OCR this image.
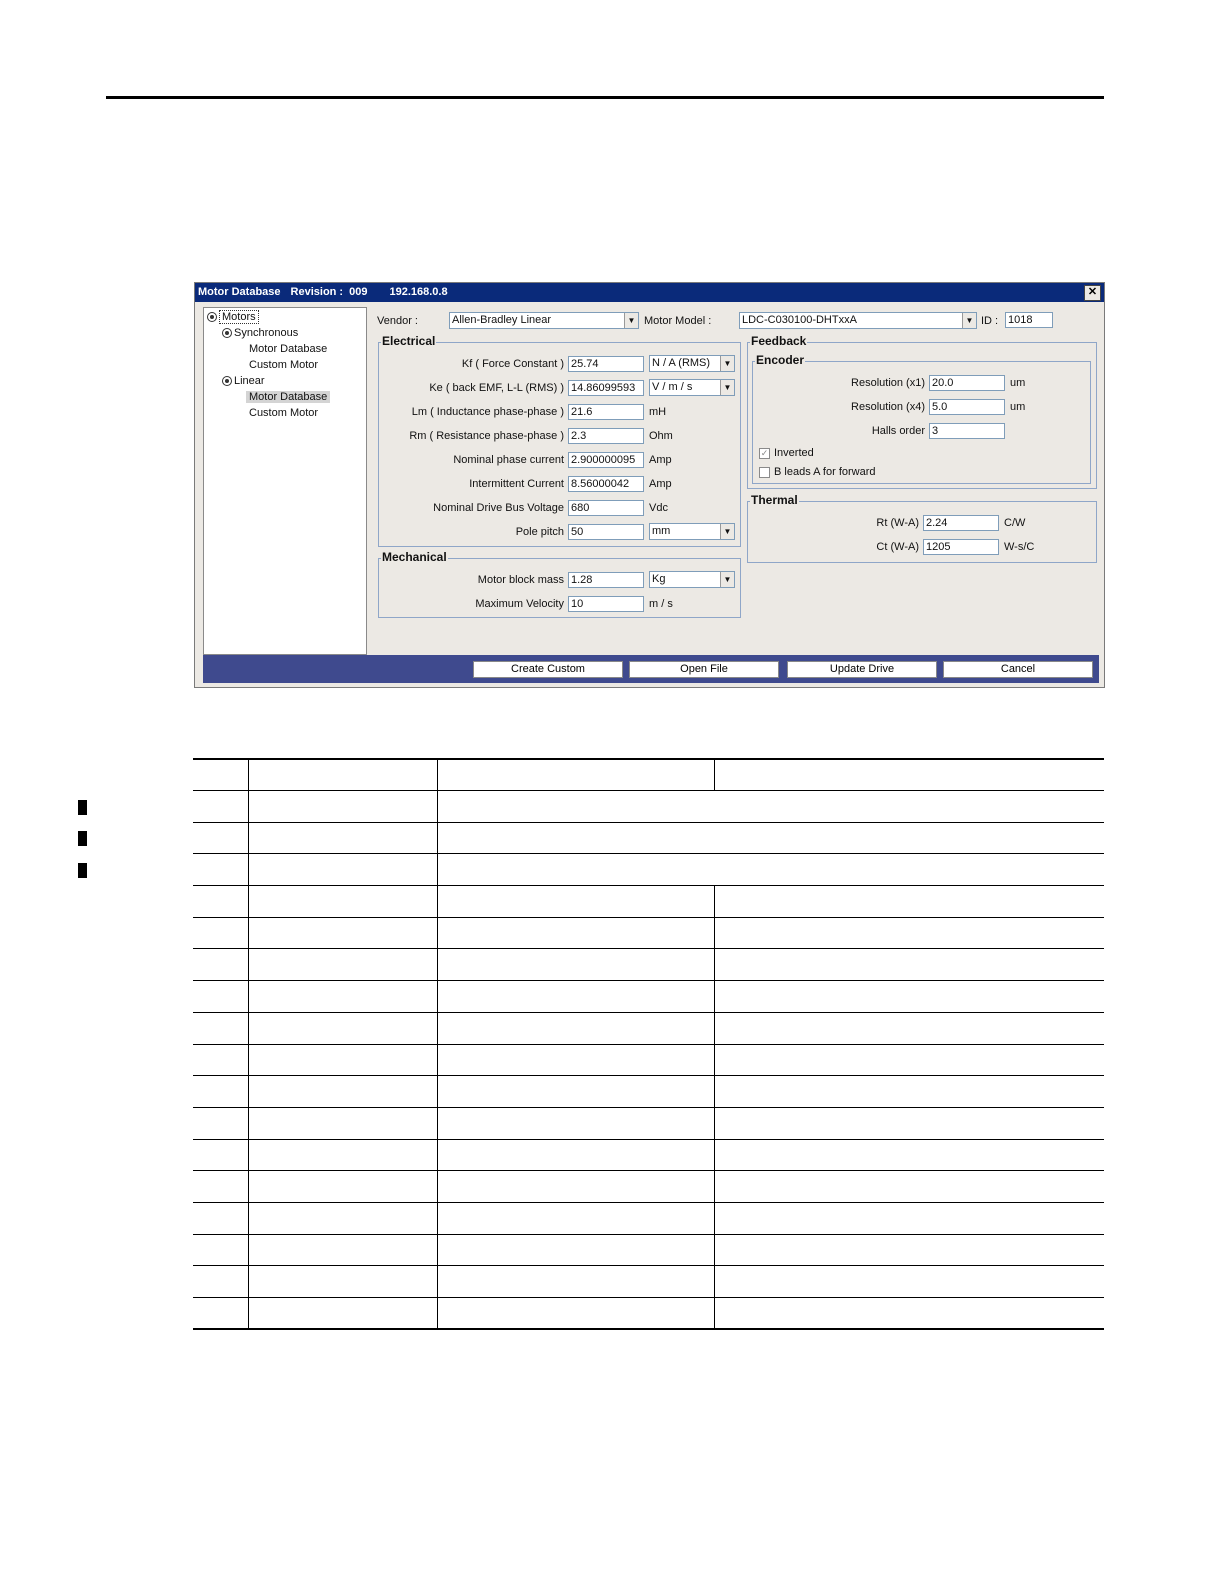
Motor Database Revision : 009 192.168.0.8	✕
Motors
Synchronous
Motor Database
Custom Motor
Linear
Motor Database
Custom Motor
Vendor :	Allen-Bradley Linear	▼ Motor Model :	LDC-C030100-DHTxxA	▼ ID : 1018
Electrical
Kf ( Force Constant ) 25.74	N / A (RMS)	▼
Ke ( back EMF, L-L (RMS) ) 14.86099593	V / m / s	▼
Lm ( Inductance phase-phase ) 21.6	mH
Rm ( Resistance phase-phase ) 2.3	Ohm
Nominal phase current 2.900000095	Amp
Intermittent Current 8.56000042	Amp
Nominal Drive Bus Voltage 680	Vdc
Pole pitch 50	mm	▼
Mechanical
Motor block mass 1.28	Kg	▼
Maximum Velocity 10	m / s
Feedback
Encoder
Resolution (x1) 20.0	um
Resolution (x4) 5.0	um
Halls order 3
✓ Inverted
B leads A for forward
Thermal
Rt (W-A) 2.24	C/W
Ct (W-A) 1205	W-s/C
Create Custom	Open File	Update Drive	Cancel
